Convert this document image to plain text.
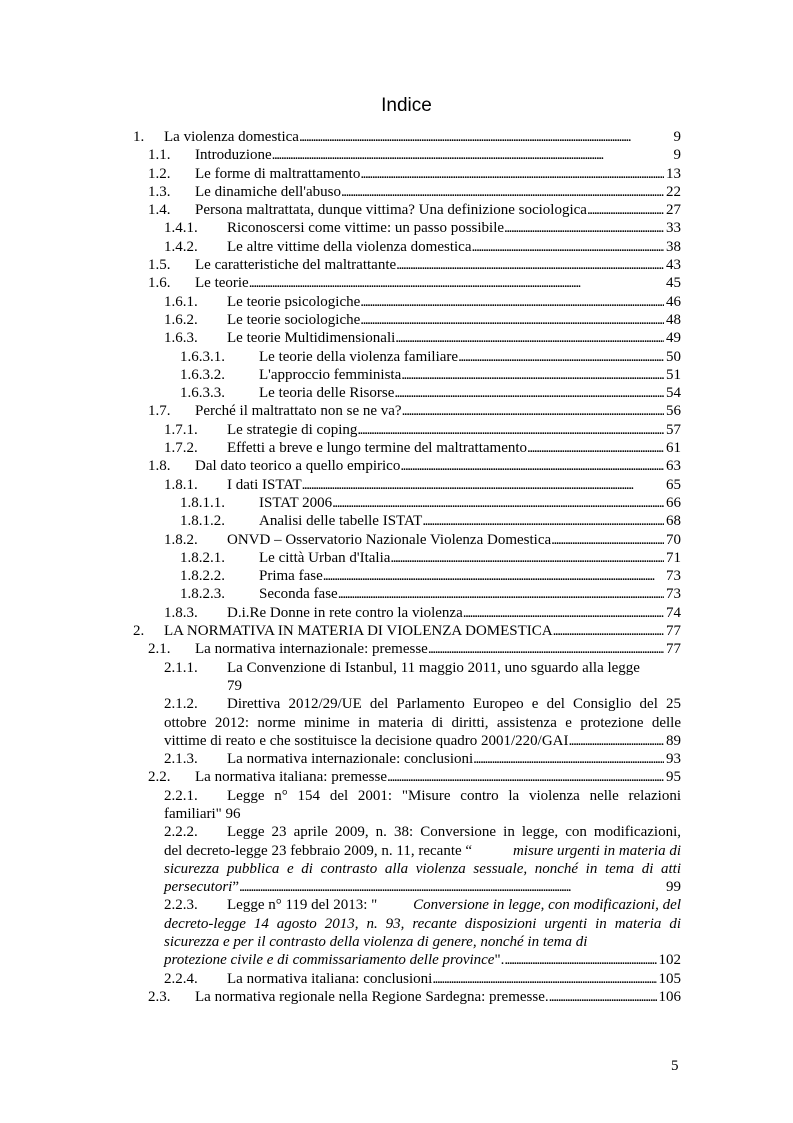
Indice
1. La violenza domestica . . .	9
1.1. Introduzione . . .	9
1.2. Le forme di maltrattamento . . .	13
1.3. Le dinamiche dell'abuso . . .	22
1.4. Persona maltrattata, dunque vittima? Una definizione sociologica . . .	27
1.4.1. Riconoscersi come vittime: un passo possibile . . .	33
1.4.2. Le altre vittime della violenza domestica . . .	38
1.5. Le caratteristiche del maltrattante . . .	43
1.6. Le teorie . . .	45
1.6.1. Le teorie psicologiche . . .	46
1.6.2. Le teorie sociologiche . . .	48
1.6.3. Le teorie Multidimensionali . . .	49
1.6.3.1. Le teorie della violenza familiare . . .	50
1.6.3.2. L'approccio femminista . . .	51
1.6.3.3. Le teoria delle Risorse . . .	54
1.7. Perché il maltrattato non se ne va? . . .	56
1.7.1. Le strategie di coping . . .	57
1.7.2. Effetti a breve e lungo termine del maltrattamento . . .	61
1.8. Dal dato teorico a quello empirico . . .	63
1.8.1. I dati ISTAT . . .	65
1.8.1.1. ISTAT 2006 . . .	66
1.8.1.2. Analisi delle tabelle ISTAT . . .	68
1.8.2. ONVD – Osservatorio Nazionale Violenza Domestica . . .	70
1.8.2.1. Le città Urban d'Italia . . .	71
1.8.2.2. Prima fase . . .	73
1.8.2.3. Seconda fase . . .	73
1.8.3. D.i.Re Donne in rete contro la violenza . . .	74
2. LA NORMATIVA IN MATERIA DI VIOLENZA DOMESTICA . . .	77
2.1. La normativa internazionale: premesse . . .	77
2.1.1. La Convenzione di Istanbul, 11 maggio 2011, uno sguardo alla legge
79
2.1.2. Direttiva 2012/29/UE del Parlamento Europeo e del Consiglio del 25
ottobre 2012: norme minime in materia di diritti, assistenza e protezione delle
vittime di reato e che sostituisce la decisione quadro 2001/220/GAI . . .	89
2.1.3. La normativa internazionale: conclusioni . . .	93
2.2. La normativa italiana: premesse . . .	95
2.2.1. Legge n° 154 del 2001: "Misure contro la violenza nelle relazioni
familiari" 96
2.2.2. Legge 23 aprile 2009, n. 38: Conversione in legge, con modificazioni,
del decreto-legge 23 febbraio 2009, n. 11, recante “	misure urgenti in materia di
sicurezza pubblica e di contrasto alla violenza sessuale, nonché in tema di atti
persecutori” . . .	99
2.2.3. Legge n° 119 del 2013: " Conversione in legge, con modificazioni, del
decreto-legge 14 agosto 2013, n. 93, recante disposizioni urgenti in materia di
sicurezza e per il contrasto della violenza di genere, nonché in tema di
protezione civile e di commissariamento delle province". . . .	102
2.2.4. La normativa italiana: conclusioni . . .	105
2.3. La normativa regionale nella Regione Sardegna: premesse. . . .	106
5
